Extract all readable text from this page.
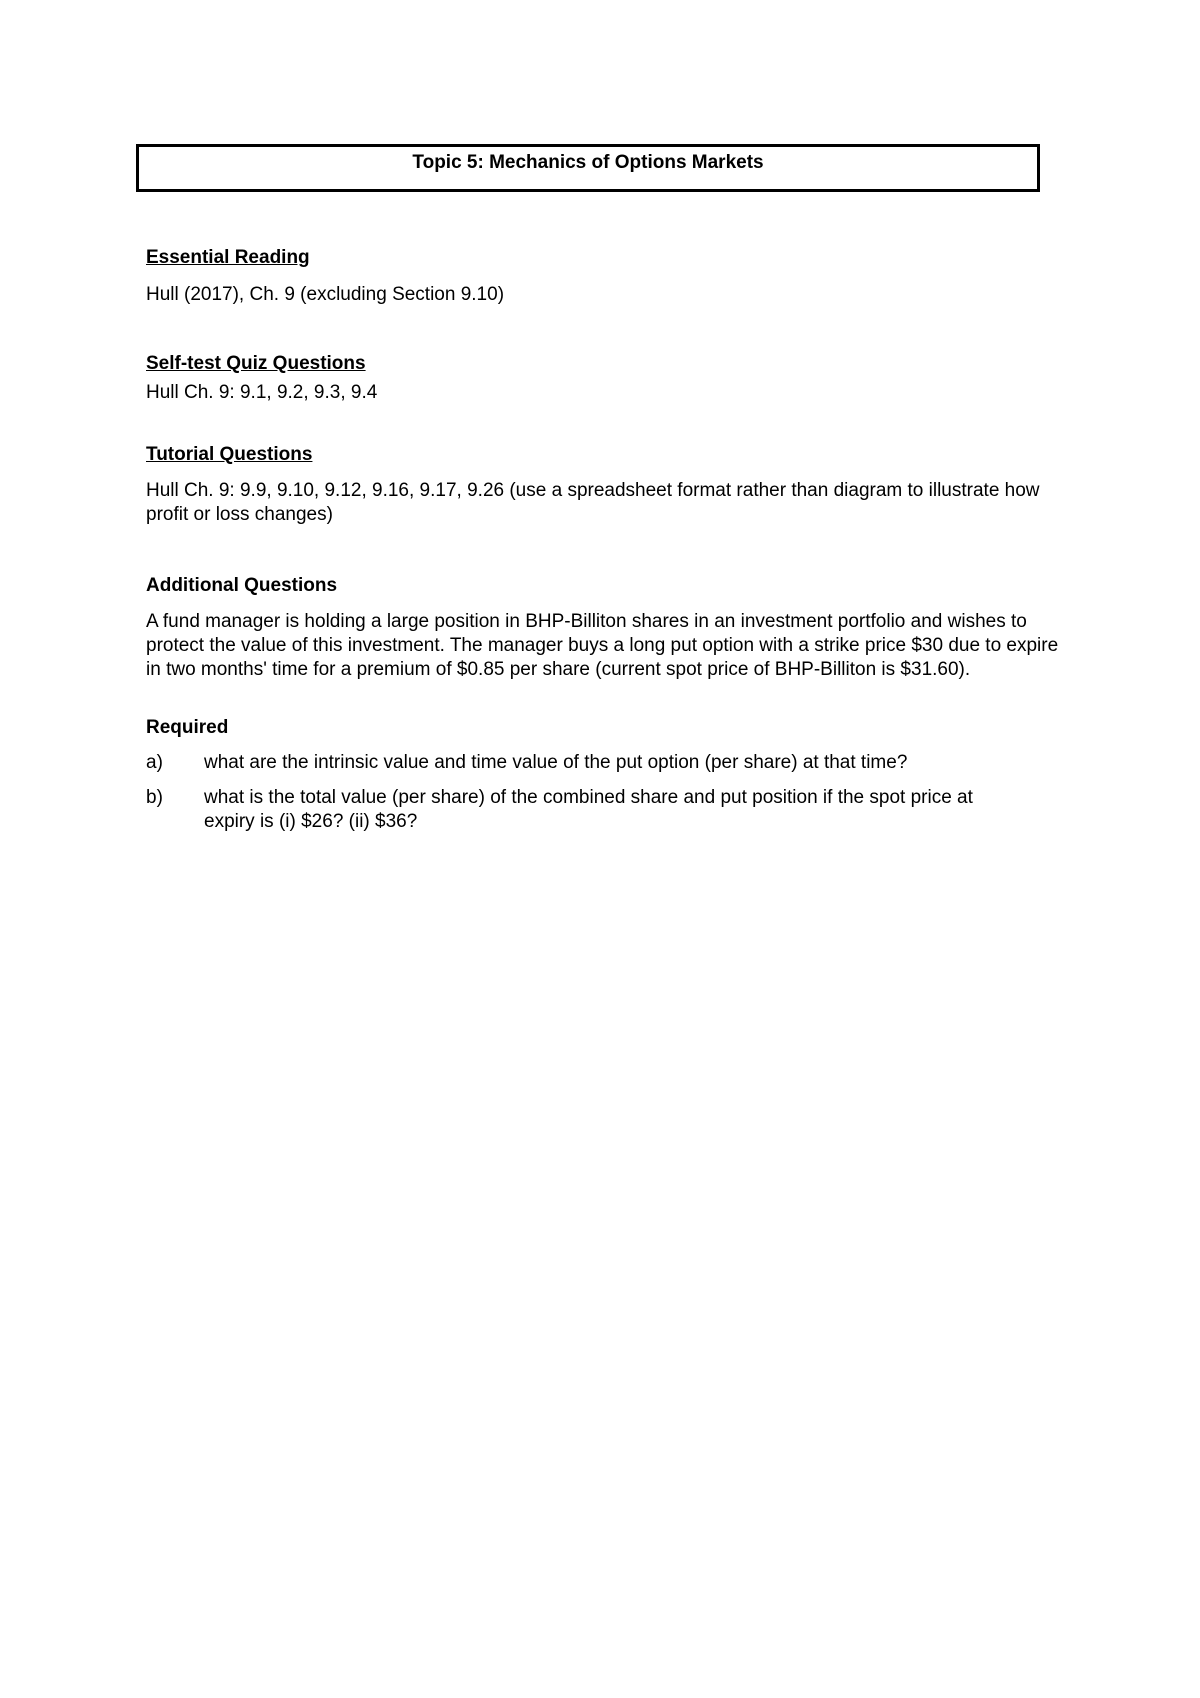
Topic 5: Mechanics of Options Markets
Essential Reading

Hull (2017), Ch. 9 (excluding Section 9.10)

Self-test Quiz Questions

Hull Ch. 9: 9.1, 9.2, 9.3, 9.4

Tutorial Questions

Hull Ch. 9: 9.9, 9.10, 9.12, 9.16, 9.17, 9.26 (use a spreadsheet format rather than diagram to illustrate how profit or loss changes)

Additional Questions

A fund manager is holding a large position in BHP-Billiton shares in an investment portfolio and wishes to protect the value of this investment. The manager buys a long put option with a strike price $30 due to expire in two months' time for a premium of $0.85 per share (current spot price of BHP-Billiton is $31.60).

Required
a) what are the intrinsic value and time value of the put option (per share) at that time?
b) what is the total value (per share) of the combined share and put position if the spot price at expiry is (i) $26? (ii) $36?
